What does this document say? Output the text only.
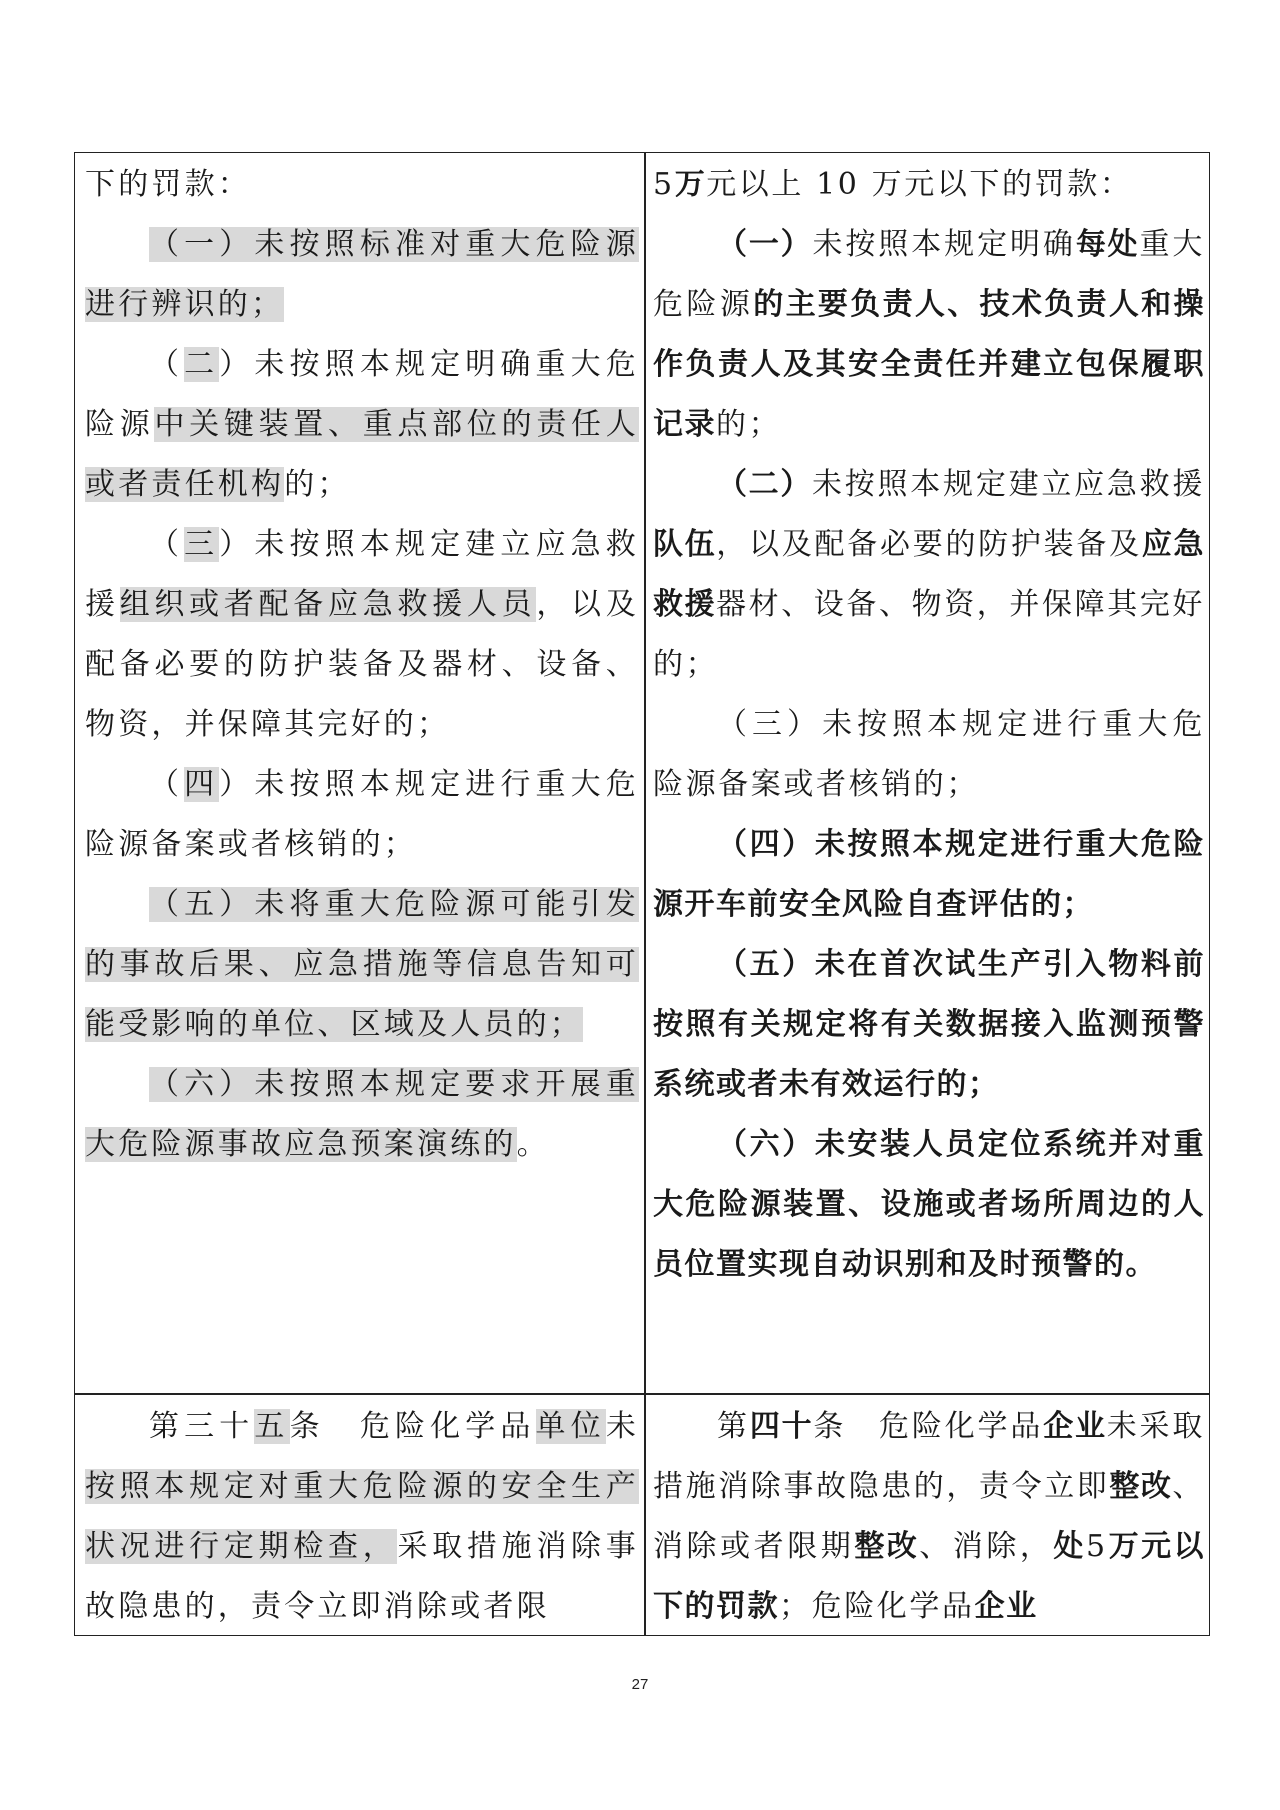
下的罚款：

（一）未按照标准对重大危险源进行辨识的；

（二）未按照本规定明确重大危险源中关键装置、重点部位的责任人或者责任机构的；

（三）未按照本规定建立应急救援组织或者配备应急救援人员，以及配备必要的防护装备及器材、设备、物资，并保障其完好的；

（四）未按照本规定进行重大危险源备案或者核销的；

（五）未将重大危险源可能引发的事故后果、应急措施等信息告知可能受影响的单位、区域及人员的；

（六）未按照本规定要求开展重大危险源事故应急预案演练的。

5万元以上 10 万元以下的罚款：

（一）未按照本规定明确每处重大危险源的主要负责人、技术负责人和操作负责人及其安全责任并建立包保履职记录的；

（二）未按照本规定建立应急救援队伍，以及配备必要的防护装备及应急救援器材、设备、物资，并保障其完好的；

（三）未按照本规定进行重大危险源备案或者核销的；

（四）未按照本规定进行重大危险源开车前安全风险自查评估的；

（五）未在首次试生产引入物料前按照有关规定将有关数据接入监测预警系统或者未有效运行的；

（六）未安装人员定位系统并对重大危险源装置、设施或者场所周边的人员位置实现自动识别和及时预警的。

第三十五条　危险化学品单位未按照本规定对重大危险源的安全生产状况进行定期检查，采取措施消除事故隐患的，责令立即消除或者限

第四十条　危险化学品企业未采取措施消除事故隐患的，责令立即整改、消除或者限期整改、消除，处5万元以下的罚款；危险化学品企业

27
